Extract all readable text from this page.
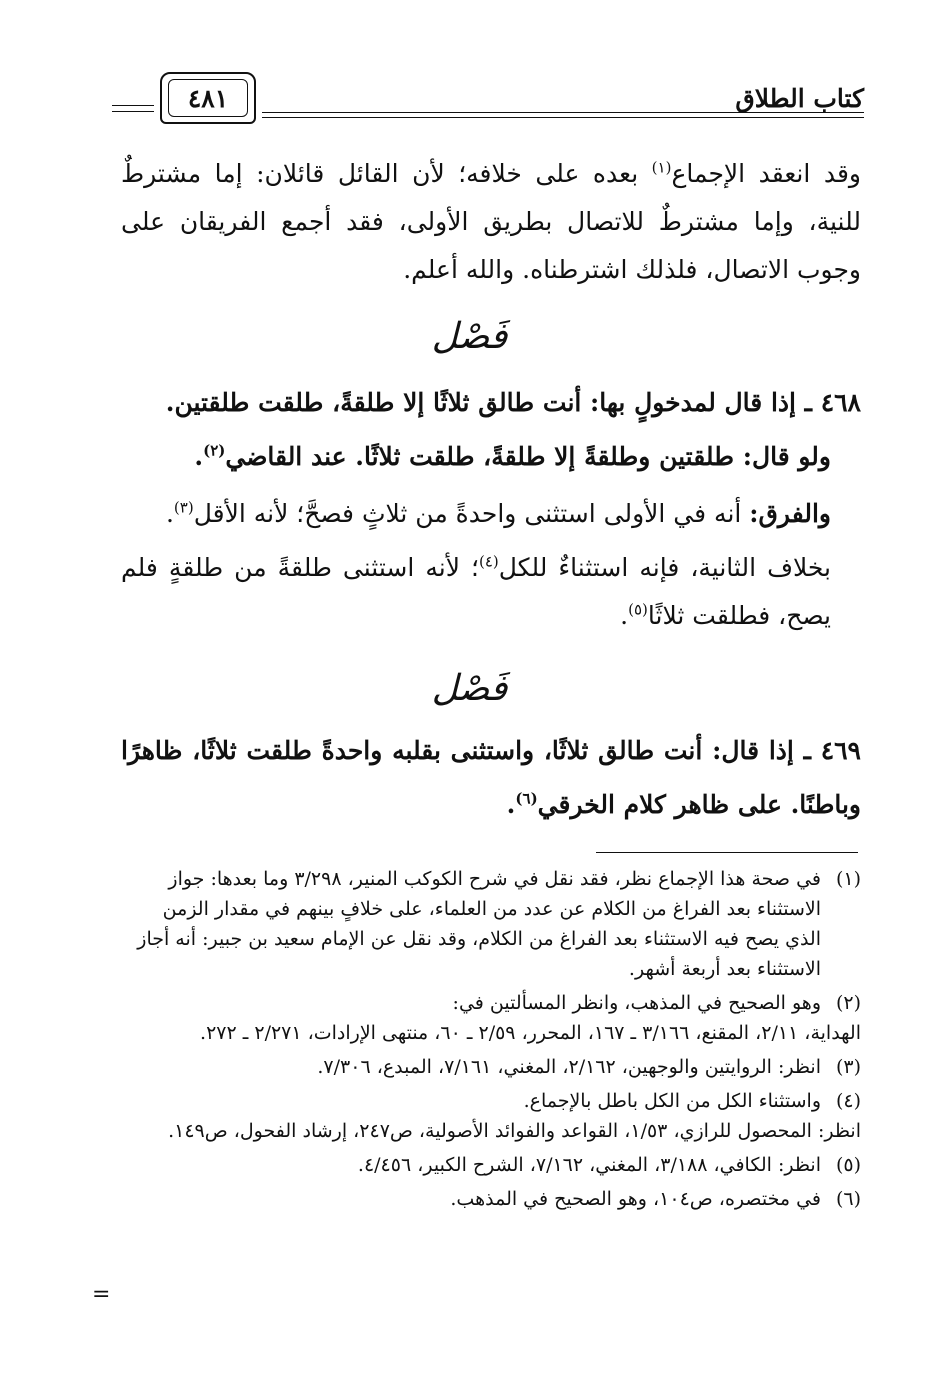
كتاب الطلاق
٤٨١
وقد انعقد الإجماع$^{(١)}$ بعده على خلافه؛ لأن القائل قائلان: إما مشترطٌ للنية، وإما مشترطٌ للاتصال بطريق الأولى، فقد أجمع الفريقان على وجوب الاتصال، فلذلك اشترطناه. والله أعلم.
فَصْل
٤٦٨ ـ إذا قال لمدخولٍ بها: أنت طالق ثلاثًا إلا طلقةً، طلقت طلقتين.
ولو قال: طلقتين وطلقةً إلا طلقةً، طلقت ثلاثًا. عند القاضي$^{(٢)}$.
والفرق: أنه في الأولى استثنى واحدةً من ثلاثٍ فصحَّ؛ لأنه الأقل$^{(٣)}$.
بخلاف الثانية، فإنه استثناءٌ للكل$^{(٤)}$؛ لأنه استثنى طلقةً من طلقةٍ فلم يصح، فطلقت ثلاثًا$^{(٥)}$.
فَصْل
٤٦٩ ـ إذا قال: أنت طالق ثلاثًا، واستثنى بقلبه واحدةً طلقت ثلاثًا، ظاهرًا وباطنًا. على ظاهر كلام الخرقي$^{(٦)}$.
(١)
في صحة هذا الإجماع نظر، فقد نقل في شرح الكوكب المنير، ٣/٢٩٨ وما بعدها: جواز الاستثناء بعد الفراغ من الكلام عن عدد من العلماء، على خلافٍ بينهم في مقدار الزمن الذي يصح فيه الاستثناء بعد الفراغ من الكلام، وقد نقل عن الإمام سعيد بن جبير: أنه أجاز الاستثناء بعد أربعة أشهر.
(٢)
وهو الصحيح في المذهب، وانظر المسألتين في:
الهداية، ٢/١١، المقنع، ٣/١٦٦ ـ ١٦٧، المحرر، ٢/٥٩ ـ ٦٠، منتهى الإرادات، ٢/٢٧١ ـ ٢٧٢.
(٣)
انظر: الروايتين والوجهين، ٢/١٦٢، المغني، ٧/١٦١، المبدع، ٧/٣٠٦.
(٤)
واستثناء الكل من الكل باطل بالإجماع.
انظر: المحصول للرازي، ١/٥٣، القواعد والفوائد الأصولية، ص٢٤٧، إرشاد الفحول، ص١٤٩.
(٥)
انظر: الكافي، ٣/١٨٨، المغني، ٧/١٦٢، الشرح الكبير، ٤/٤٥٦.
(٦)
في مختصره، ص١٠٤، وهو الصحيح في المذهب.
=
